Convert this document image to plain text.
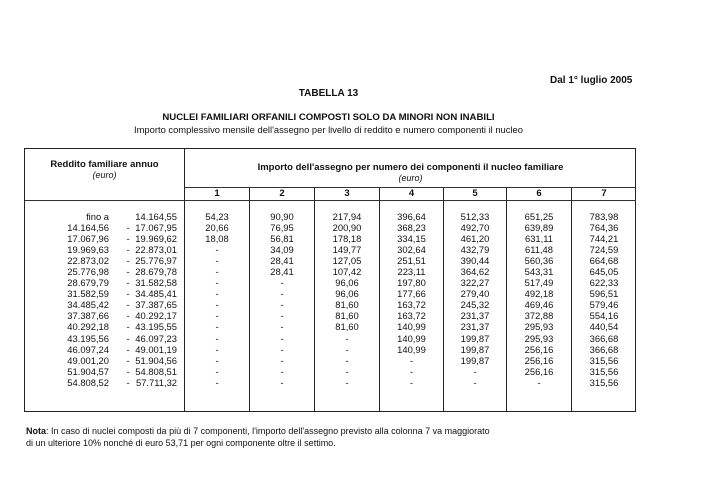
Dal 1° luglio 2005
TABELLA 13
NUCLEI FAMILIARI ORFANILI COMPOSTI SOLO DA MINORI NON INABILI
Importo complessivo mensile dell'assegno per livello di reddito e numero componenti il nucleo
Reddito familiare annuo
(euro)
Importo dell'assegno per numero dei componenti il nucleo familiare
(euro)
1	2	3	4	5	6	7
fino a	14.164,55	54,23	90,90	217,94	396,64	512,33	651,25	783,98
14.164,56	- 17.067,95	20,66	76,95	200,90	368,23	492,70	639,89	764,36
17.067,96	- 19.969,62	18,08	56,81	178,18	334,15	461,20	631,11	744,21
19.969,63	- 22.873,01	-	34,09	149,77	302,64	432,79	611,48	724,59
22.873,02	- 25.776,97	-	28,41	127,05	251,51	390,44	560,36	664,68
25.776,98	- 28.679,78	-	28,41	107,42	223,11	364,62	543,31	645,05
28.679,79	- 31.582,58	-	-	96,06	197,80	322,27	517,49	622,33
31.582,59	- 34.485,41	-	-	96,06	177,66	279,40	492,18	596,51
34.485,42	- 37.387,65	-	-	81,60	163,72	245,32	469,46	579,46
37.387,66	- 40.292,17	-	-	81,60	163,72	231,37	372,88	554,16
40.292,18	- 43.195,55	-	-	81,60	140,99	231,37	295,93	440,54
43.195,56	- 46.097,23	-	-	-	140,99	199,87	295,93	366,68
46.097,24	- 49.001,19	-	-	-	140,99	199,87	256,16	366,68
49.001,20	- 51.904,56	-	-	-	-	199,87	256,16	315,56
51.904,57	- 54.808,51	-	-	-	-	-	256,16	315,56
54.808,52	- 57.711,32	-	-	-	-	-	-	315,56
Nota: In caso di nuclei composti da più di 7 componenti, l'importo dell'assegno previsto alla colonna 7 va maggiorato
di un ulteriore 10% nonché di euro 53,71 per ogni componente oltre il settimo.
